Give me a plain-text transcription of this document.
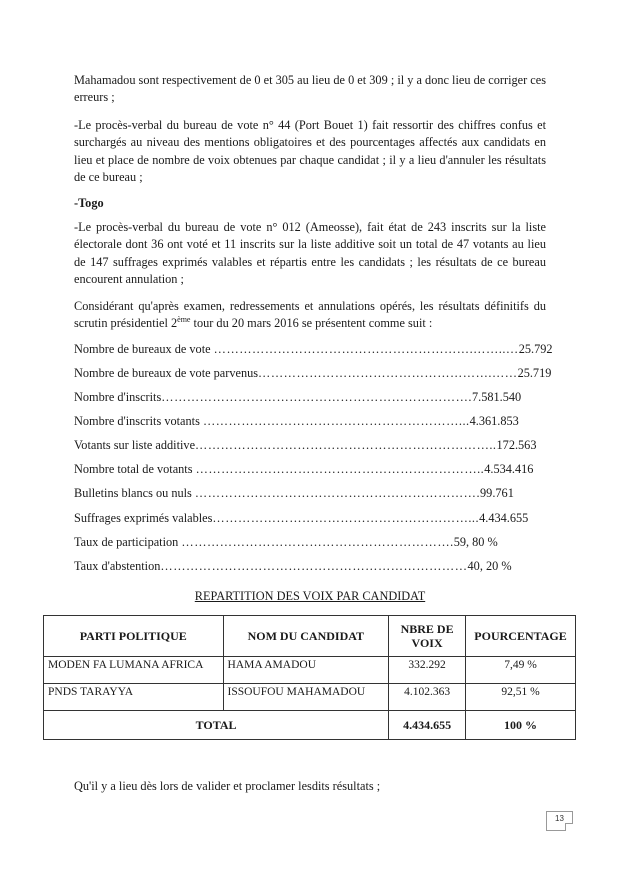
Mahamadou sont respectivement de 0 et 305 au lieu de 0 et 309 ; il y a donc lieu de corriger ces erreurs ;

-Le procès-verbal du bureau de vote n° 44 (Port Bouet 1) fait ressortir des chiffres confus et surchargés au niveau des mentions obligatoires et des pourcentages affectés aux candidats en lieu et place de nombre de voix obtenues par chaque candidat ; il y a lieu d'annuler les résultats de ce bureau ;

-Togo

-Le procès-verbal du bureau de vote n° 012 (Ameosse), fait état de 243 inscrits sur la liste électorale dont 36 ont voté et 11 inscrits sur la liste additive soit un total de 47 votants au lieu de 147 suffrages exprimés valables et répartis entre les candidats ; les résultats de ce bureau encourent annulation ;

Considérant qu'après examen, redressements et annulations opérés, les résultats définitifs du scrutin présidentiel 2ème tour du 20 mars 2016 se présentent comme suit :

Nombre de bureaux de vote …………………………………………………….……..…25.792
Nombre de bureaux de vote parvenus……………………………………………….……25.719
Nombre d'inscrits……………………………………………………………….7.581.540
Nombre d'inscrits votants ……………………………………………………...4.361.853
Votants sur liste additive……………………………………………………………..172.563
Nombre total de votants …………………………………………………………..4.534.416
Bulletins blancs ou nuls ………………………………………………………….99.761
Suffrages exprimés valables……………………………………………………...4.434.655
Taux de participation ……………………………………………………….59, 80 %
Taux d'abstention………………………………………………………………40, 20 %
REPARTITION DES VOIX PAR CANDIDAT
PARTI POLITIQUE	NOM DU CANDIDAT	NBRE DE VOIX	POURCENTAGE
MODEN FA LUMANA AFRICA	HAMA AMADOU	332.292	7,49 %
PNDS TARAYYA	ISSOUFOU MAHAMADOU	4.102.363	92,51 %
TOTAL		4.434.655	100 %

Qu'il y a lieu dès lors de valider et proclamer lesdits résultats ;

13
